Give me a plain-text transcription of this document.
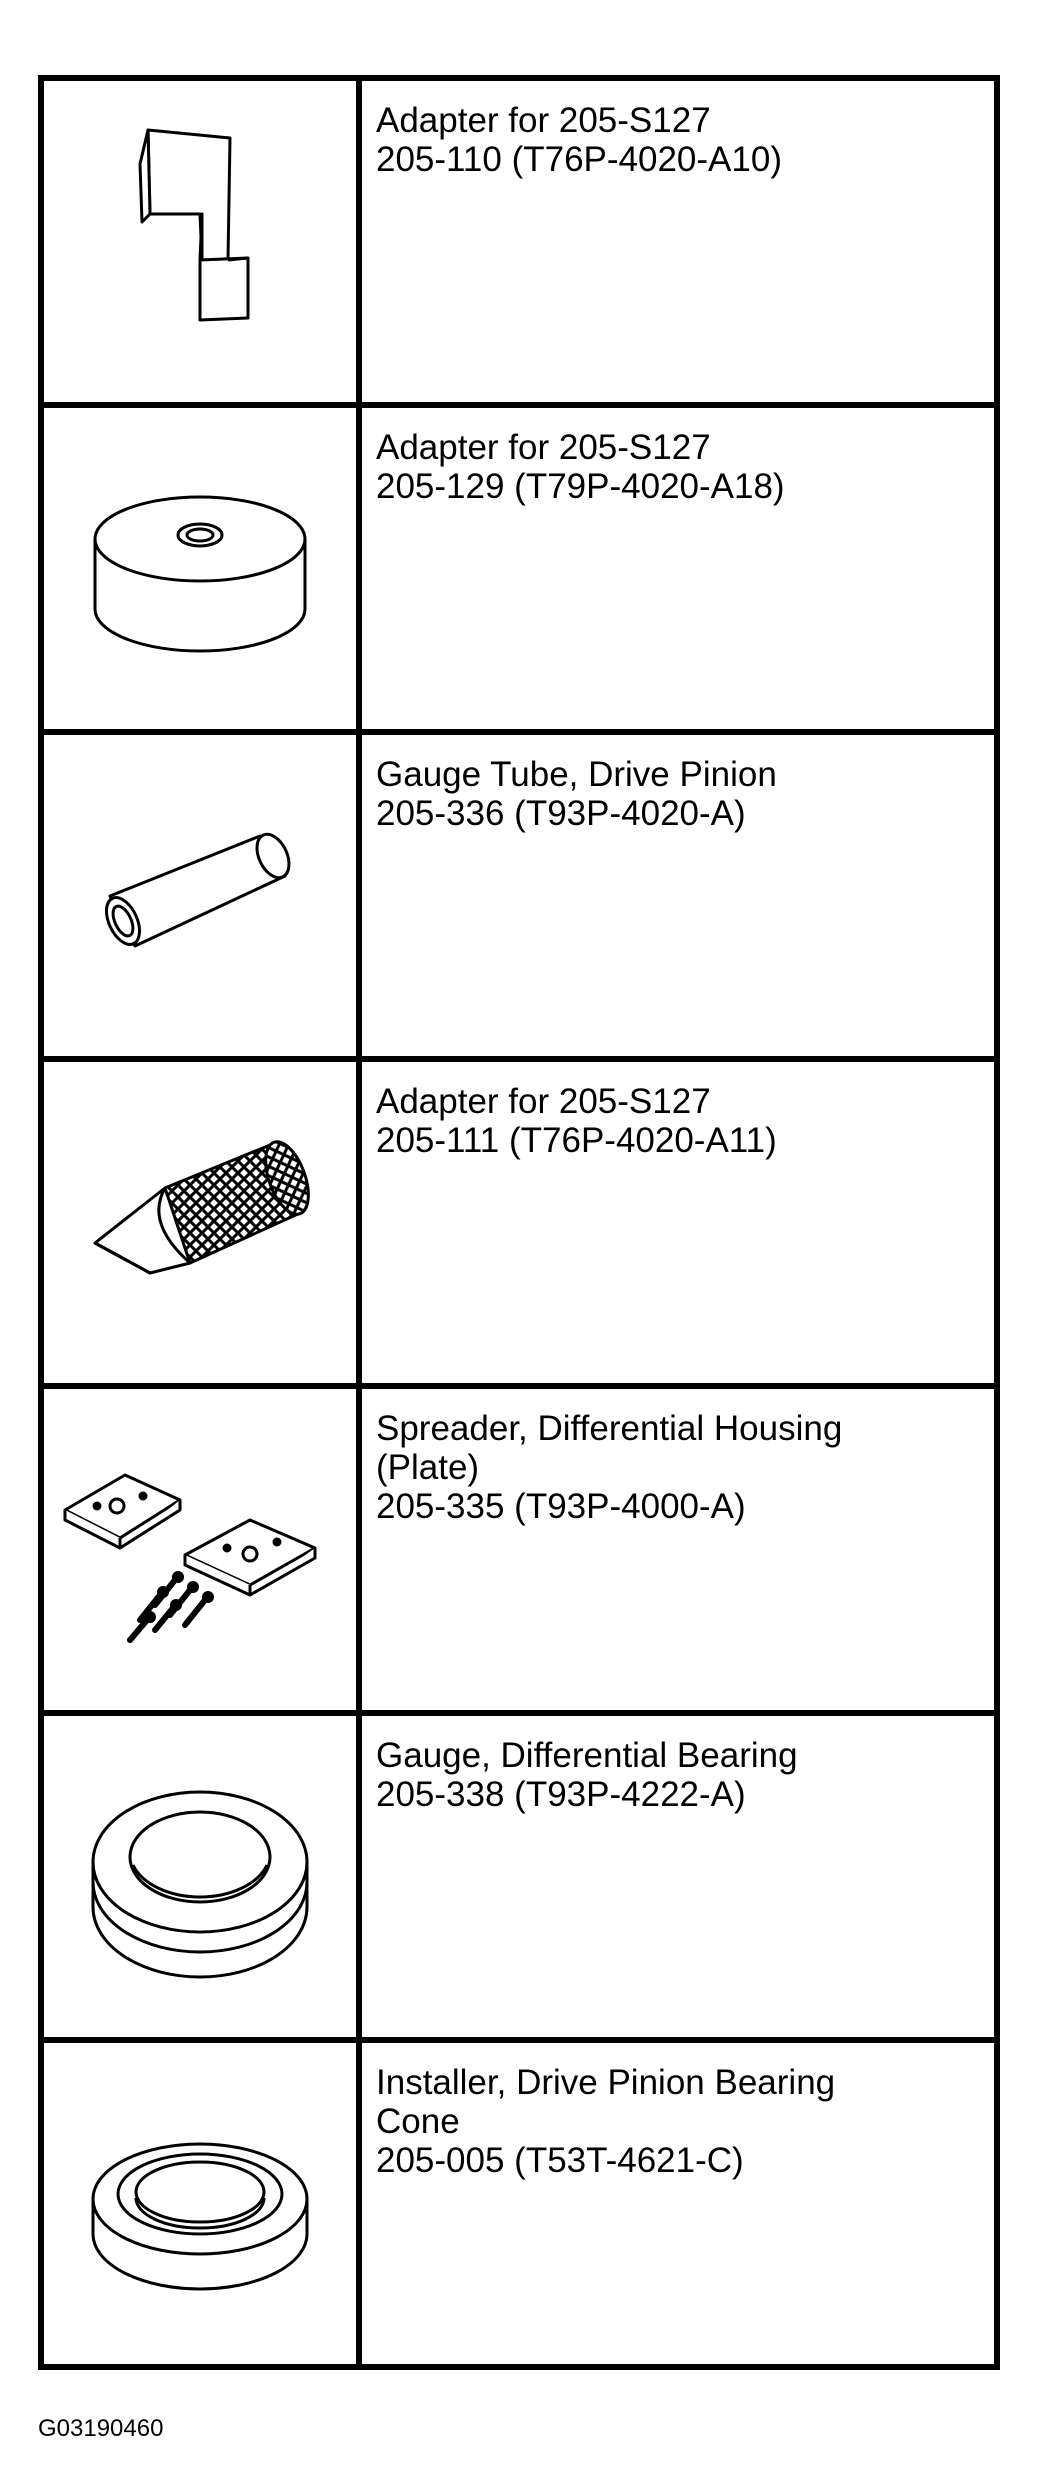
Adapter for 205-S127
205-110 (T76P-4020-A10)

Adapter for 205-S127
205-129 (T79P-4020-A18)

Gauge Tube, Drive Pinion
205-336 (T93P-4020-A)

Adapter for 205-S127
205-111 (T76P-4020-A11)

Spreader, Differential Housing
(Plate)
205-335 (T93P-4000-A)

Gauge, Differential Bearing
205-338 (T93P-4222-A)

Installer, Drive Pinion Bearing
Cone
205-005 (T53T-4621-C)
G03190460
